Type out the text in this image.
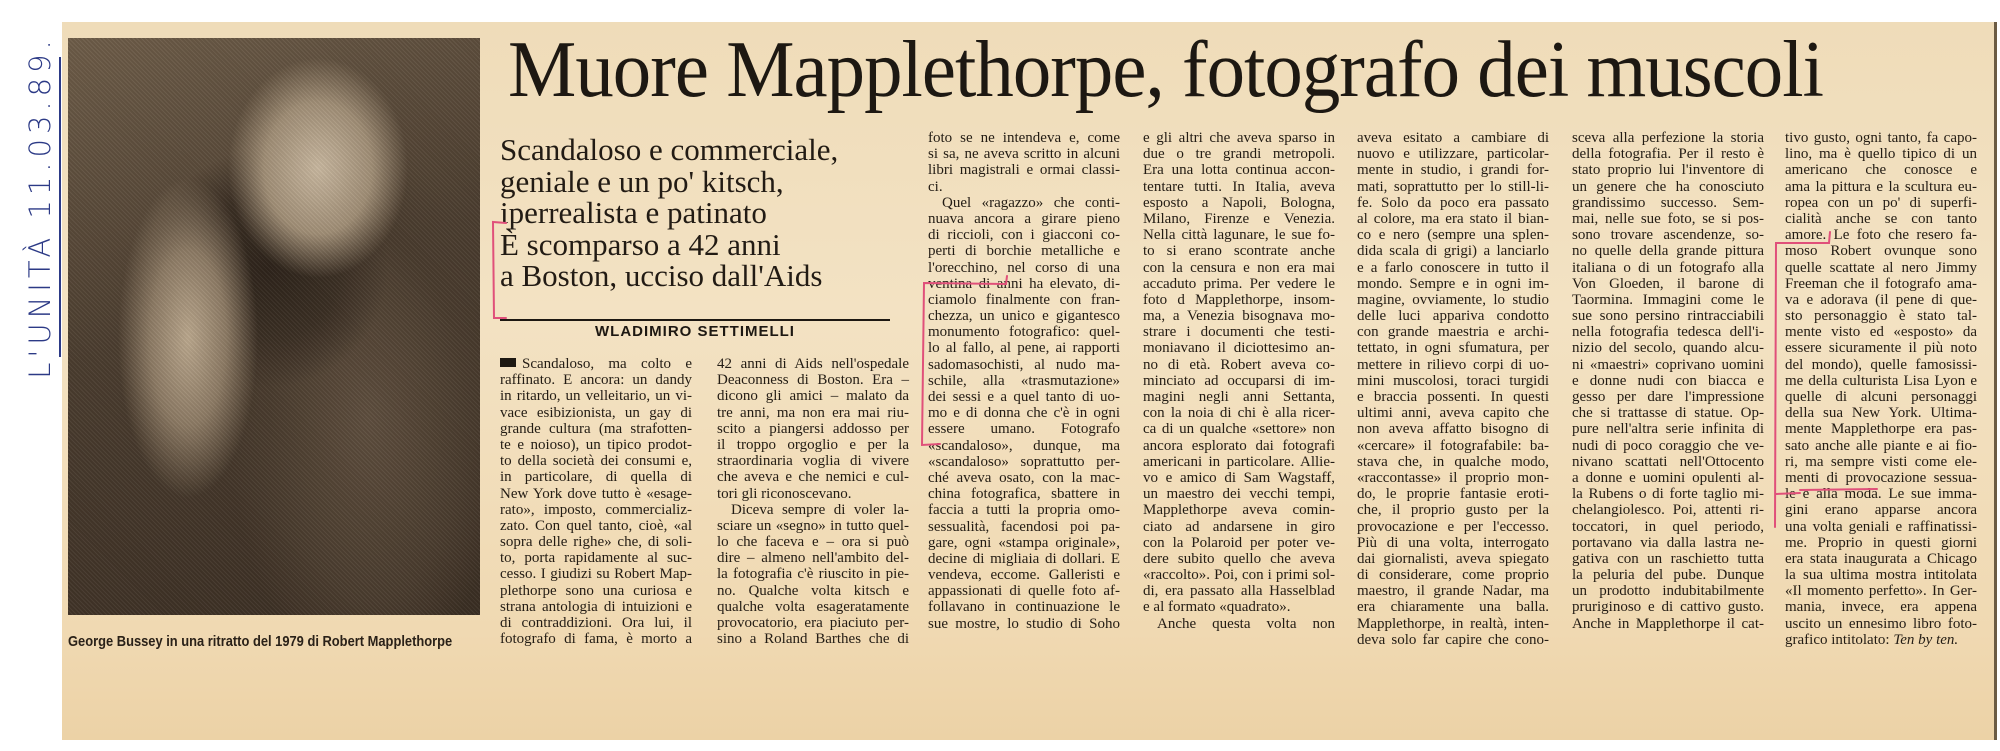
L'UNITÀ 11.03.89.
George Bussey in una ritratto del 1979 di Robert Mapplethorpe
Muore Mapplethorpe, fotografo dei muscoli
Scandaloso e commerciale,
geniale e un po' kitsch,
iperrealista e patinato
È scomparso a 42 anni
a Boston, ucciso dall'Aids
WLADIMIRO SETTIMELLI
Scandaloso, ma colto e
raffinato. E ancora: un dandy
in ritardo, un velleitario, un vi-
vace esibizionista, un gay di
grande cultura (ma strafotten-
te e noioso), un tipico prodot-
to della società dei consumi e,
in particolare, di quella di
New York dove tutto è «esage-
rato», imposto, commercializ-
zato. Con quel tanto, cioè, «al
sopra delle righe» che, di soli-
to, porta rapidamente al suc-
cesso. I giudizi su Robert Map-
plethorpe sono una curiosa e
strana antologia di intuizioni e
di contraddizioni. Ora lui, il
fotografo di fama, è morto a
42 anni di Aids nell'ospedale
Deaconness di Boston. Era –
dicono gli amici – malato da
tre anni, ma non era mai riu-
scito a piangersi addosso per
il troppo orgoglio e per la
straordinaria voglia di vivere
che aveva e che nemici e cul-
tori gli riconoscevano.
Diceva sempre di voler la-
sciare un «segno» in tutto quel-
lo che faceva e – ora si può
dire – almeno nell'ambito del-
la fotografia c'è riuscito in pie-
no. Qualche volta kitsch e
qualche volta esageratamente
provocatorio, era piaciuto per-
sino a Roland Barthes che di
foto se ne intendeva e, come
si sa, ne aveva scritto in alcuni
libri magistrali e ormai classi-
ci.
Quel «ragazzo» che conti-
nuava ancora a girare pieno
di riccioli, con i giacconi co-
perti di borchie metalliche e
l'orecchino, nel corso di una
ventina di anni ha elevato, di-
ciamolo finalmente con fran-
chezza, un unico e gigantesco
monumento fotografico: quel-
lo al fallo, al pene, ai rapporti
sadomasochisti, al nudo ma-
schile, alla «trasmutazione»
dei sessi e a quel tanto di uo-
mo e di donna che c'è in ogni
essere umano. Fotografo
«scandaloso», dunque, ma
«scandaloso» soprattutto per-
ché aveva osato, con la mac-
china fotografica, sbattere in
faccia a tutti la propria omo-
sessualità, facendosi poi pa-
gare, ogni «stampa originale»,
decine di migliaia di dollari. E
vendeva, eccome. Galleristi e
appassionati di quelle foto af-
follavano in continuazione le
sue mostre, lo studio di Soho
e gli altri che aveva sparso in
due o tre grandi metropoli.
Era una lotta continua accon-
tentare tutti. In Italia, aveva
esposto a Napoli, Bologna,
Milano, Firenze e Venezia.
Nella città lagunare, le sue fo-
to si erano scontrate anche
con la censura e non era mai
accaduto prima. Per vedere le
foto d Mapplethorpe, insom-
ma, a Venezia bisognava mo-
strare i documenti che testi-
moniavano il diciottesimo an-
no di età. Robert aveva co-
minciato ad occuparsi di im-
magini negli anni Settanta,
con la noia di chi è alla ricer-
ca di un qualche «settore» non
ancora esplorato dai fotografi
americani in particolare. Allie-
vo e amico di Sam Wagstaff,
un maestro dei vecchi tempi,
Mapplethorpe aveva comin-
ciato ad andarsene in giro
con la Polaroid per poter ve-
dere subito quello che aveva
«raccolto». Poi, con i primi sol-
di, era passato alla Hasselblad
e al formato «quadrato».
Anche questa volta non
aveva esitato a cambiare di
nuovo e utilizzare, particolar-
mente in studio, i grandi for-
mati, soprattutto per lo still-li-
fe. Solo da poco era passato
al colore, ma era stato il bian-
co e nero (sempre una splen-
dida scala di grigi) a lanciarlo
e a farlo conoscere in tutto il
mondo. Sempre e in ogni im-
magine, ovviamente, lo studio
delle luci appariva condotto
con grande maestria e archi-
tettato, in ogni sfumatura, per
mettere in rilievo corpi di uo-
mini muscolosi, toraci turgidi
e braccia possenti. In questi
ultimi anni, aveva capito che
non aveva affatto bisogno di
«cercare» il fotografabile: ba-
stava che, in qualche modo,
«raccontasse» il proprio mon-
do, le proprie fantasie eroti-
che, il proprio gusto per la
provocazione e per l'eccesso.
Più di una volta, interrogato
dai giornalisti, aveva spiegato
di considerare, come proprio
maestro, il grande Nadar, ma
era chiaramente una balla.
Mapplethorpe, in realtà, inten-
deva solo far capire che cono-
sceva alla perfezione la storia
della fotografia. Per il resto è
stato proprio lui l'inventore di
un genere che ha conosciuto
grandissimo successo. Sem-
mai, nelle sue foto, se si pos-
sono trovare ascendenze, so-
no quelle della grande pittura
italiana o di un fotografo alla
Von Gloeden, il barone di
Taormina. Immagini come le
sue sono persino rintracciabili
nella fotografia tedesca dell'i-
nizio del secolo, quando alcu-
ni «maestri» coprivano uomini
e donne nudi con biacca e
gesso per dare l'impressione
che si trattasse di statue. Op-
pure nell'altra serie infinita di
nudi di poco coraggio che ve-
nivano scattati nell'Ottocento
a donne e uomini opulenti al-
la Rubens o di forte taglio mi-
chelangiolesco. Poi, attenti ri-
toccatori, in quel periodo,
portavano via dalla lastra ne-
gativa con un raschietto tutta
la peluria del pube. Dunque
un prodotto indubitabilmente
pruriginoso e di cattivo gusto.
Anche in Mapplethorpe il cat-
tivo gusto, ogni tanto, fa capo-
lino, ma è quello tipico di un
americano che conosce e
ama la pittura e la scultura eu-
ropea con un po' di superfi-
cialità anche se con tanto
amore. Le foto che resero fa-
moso Robert ovunque sono
quelle scattate al nero Jimmy
Freeman che il fotografo ama-
va e adorava (il pene di que-
sto personaggio è stato tal-
mente visto ed «esposto» da
essere sicuramente il più noto
del mondo), quelle famosissi-
me della culturista Lisa Lyon e
quelle di alcuni personaggi
della sua New York. Ultima-
mente Mapplethorpe era pas-
sato anche alle piante e ai fio-
ri, ma sempre visti come ele-
menti di provocazione sessua-
le e alla moda. Le sue imma-
gini erano apparse ancora
una volta geniali e raffinatissi-
me. Proprio in questi giorni
era stata inaugurata a Chicago
la sua ultima mostra intitolata
«Il momento perfetto». In Ger-
mania, invece, era appena
uscito un ennesimo libro foto-
grafico intitolato: Ten by ten.
